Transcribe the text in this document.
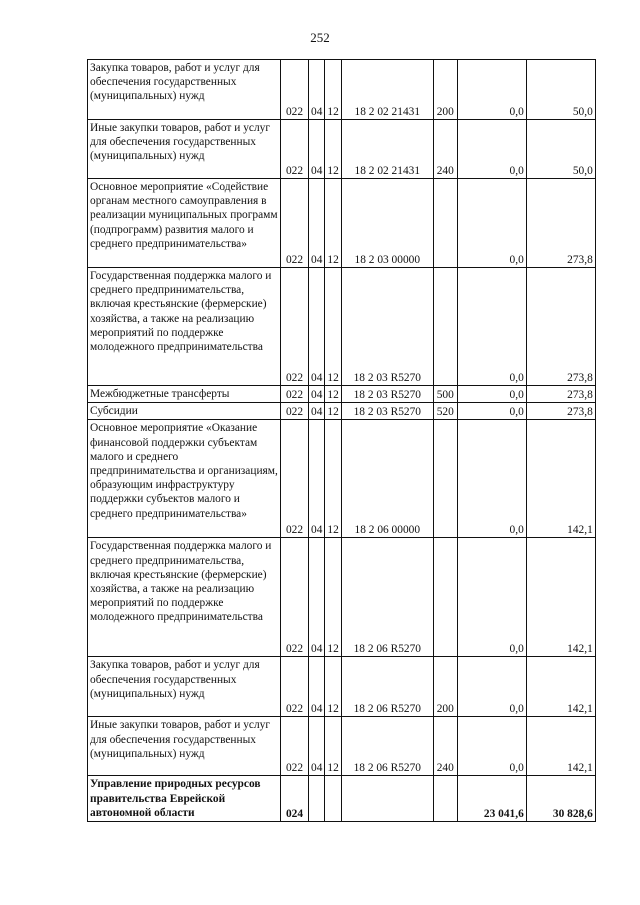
252
Закупка товаров, работ и услуг для обеспечения государственных (муниципальных) нужд	022	04	12	18 2 02 21431	200	0,0	50,0
Иные закупки товаров, работ и услуг для обеспечения государственных (муниципальных) нужд	022	04	12	18 2 02 21431	240	0,0	50,0
Основное мероприятие «Содействие органам местного самоуправления в реализации муниципальных программ (подпрограмм) развития малого и среднего предпринимательства»	022	04	12	18 2 03 00000		0,0	273,8
Государственная поддержка малого и среднего предпринимательства, включая крестьянские (фермерские) хозяйства, а также на реализацию мероприятий по поддержке молодежного предпринимательства	022	04	12	18 2 03 R5270		0,0	273,8
Межбюджетные трансферты	022	04	12	18 2 03 R5270	500	0,0	273,8
Субсидии	022	04	12	18 2 03 R5270	520	0,0	273,8
Основное мероприятие «Оказание финансовой поддержки субъектам малого и среднего предпринимательства и организациям, образующим инфраструктуру поддержки субъектов малого и среднего предпринимательства»	022	04	12	18 2 06 00000		0,0	142,1
Государственная поддержка малого и среднего предпринимательства, включая крестьянские (фермерские) хозяйства, а также на реализацию мероприятий по поддержке молодежного предпринимательства	022	04	12	18 2 06 R5270		0,0	142,1
Закупка товаров, работ и услуг для обеспечения государственных (муниципальных) нужд	022	04	12	18 2 06 R5270	200	0,0	142,1
Иные закупки товаров, работ и услуг для обеспечения государственных (муниципальных) нужд	022	04	12	18 2 06 R5270	240	0,0	142,1
Управление природных ресурсов правительства Еврейской автономной области	024					23 041,6	30 828,6
